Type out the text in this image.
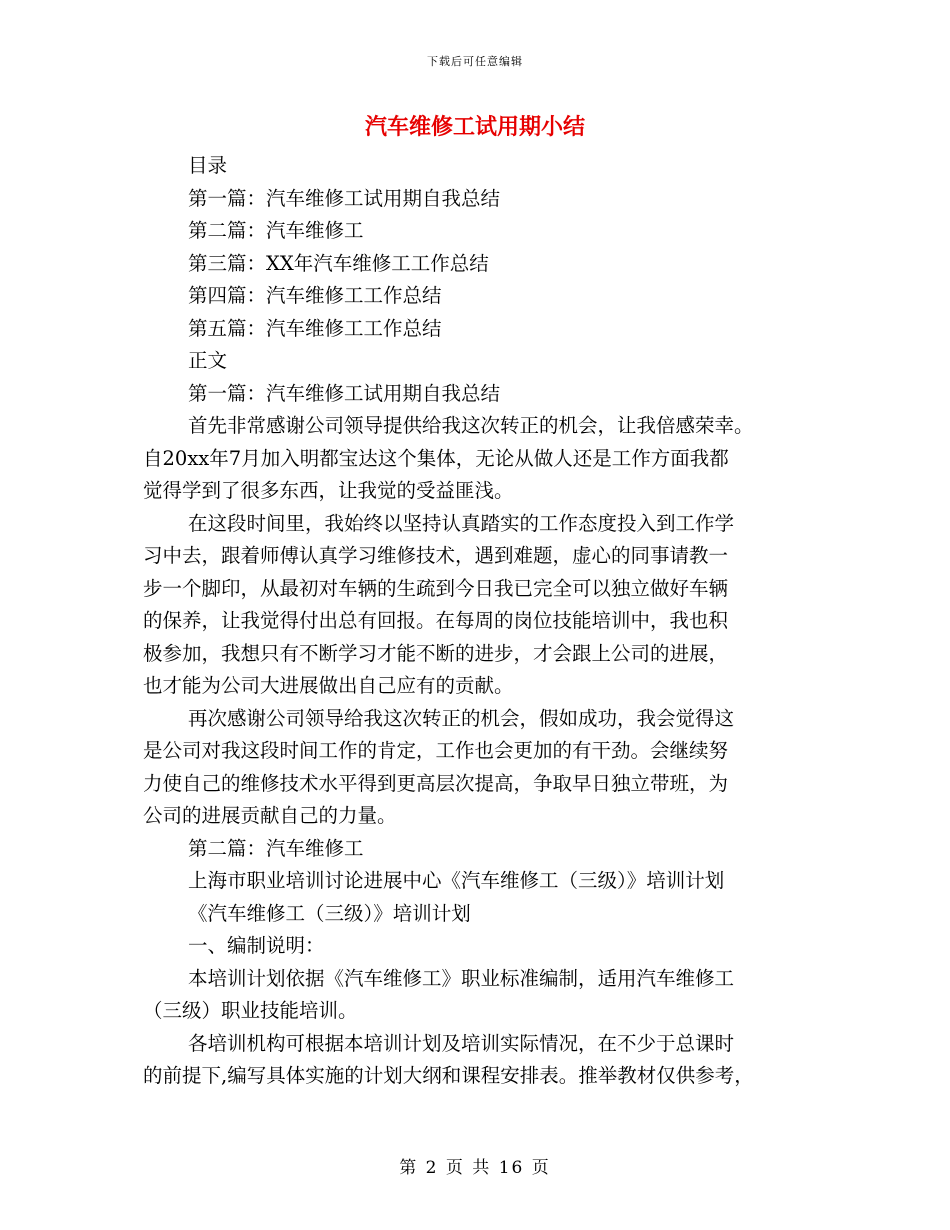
下载后可任意编辑
汽车维修工试用期小结

目录

第一篇：汽车维修工试用期自我总结

第二篇：汽车维修工

第三篇：XX年汽车维修工工作总结

第四篇：汽车维修工工作总结

第五篇：汽车维修工工作总结

正文

第一篇：汽车维修工试用期自我总结

首先非常感谢公司领导提供给我这次转正的机会，让我倍感荣幸。

自20xx年7月加入明都宝达这个集体，无论从做人还是工作方面我都

觉得学到了很多东西，让我觉的受益匪浅。

在这段时间里，我始终以坚持认真踏实的工作态度投入到工作学

习中去，跟着师傅认真学习维修技术，遇到难题，虚心的同事请教一

步一个脚印，从最初对车辆的生疏到今日我已完全可以独立做好车辆

的保养，让我觉得付出总有回报。在每周的岗位技能培训中，我也积

极参加，我想只有不断学习才能不断的进步，才会跟上公司的进展，

也才能为公司大进展做出自己应有的贡献。

再次感谢公司领导给我这次转正的机会，假如成功，我会觉得这

是公司对我这段时间工作的肯定，工作也会更加的有干劲。会继续努

力使自己的维修技术水平得到更高层次提高，争取早日独立带班，为

公司的进展贡献自己的力量。

第二篇：汽车维修工

上海市职业培训讨论进展中心《汽车维修工（三级）》培训计划

《汽车维修工（三级）》培训计划

一、编制说明：

本培训计划依据《汽车维修工》职业标准编制，适用汽车维修工

（三级）职业技能培训。

各培训机构可根据本培训计划及培训实际情况，在不少于总课时

的前提下,编写具体实施的计划大纲和课程安排表。推举教材仅供参考，

第 2 页 共 16 页
